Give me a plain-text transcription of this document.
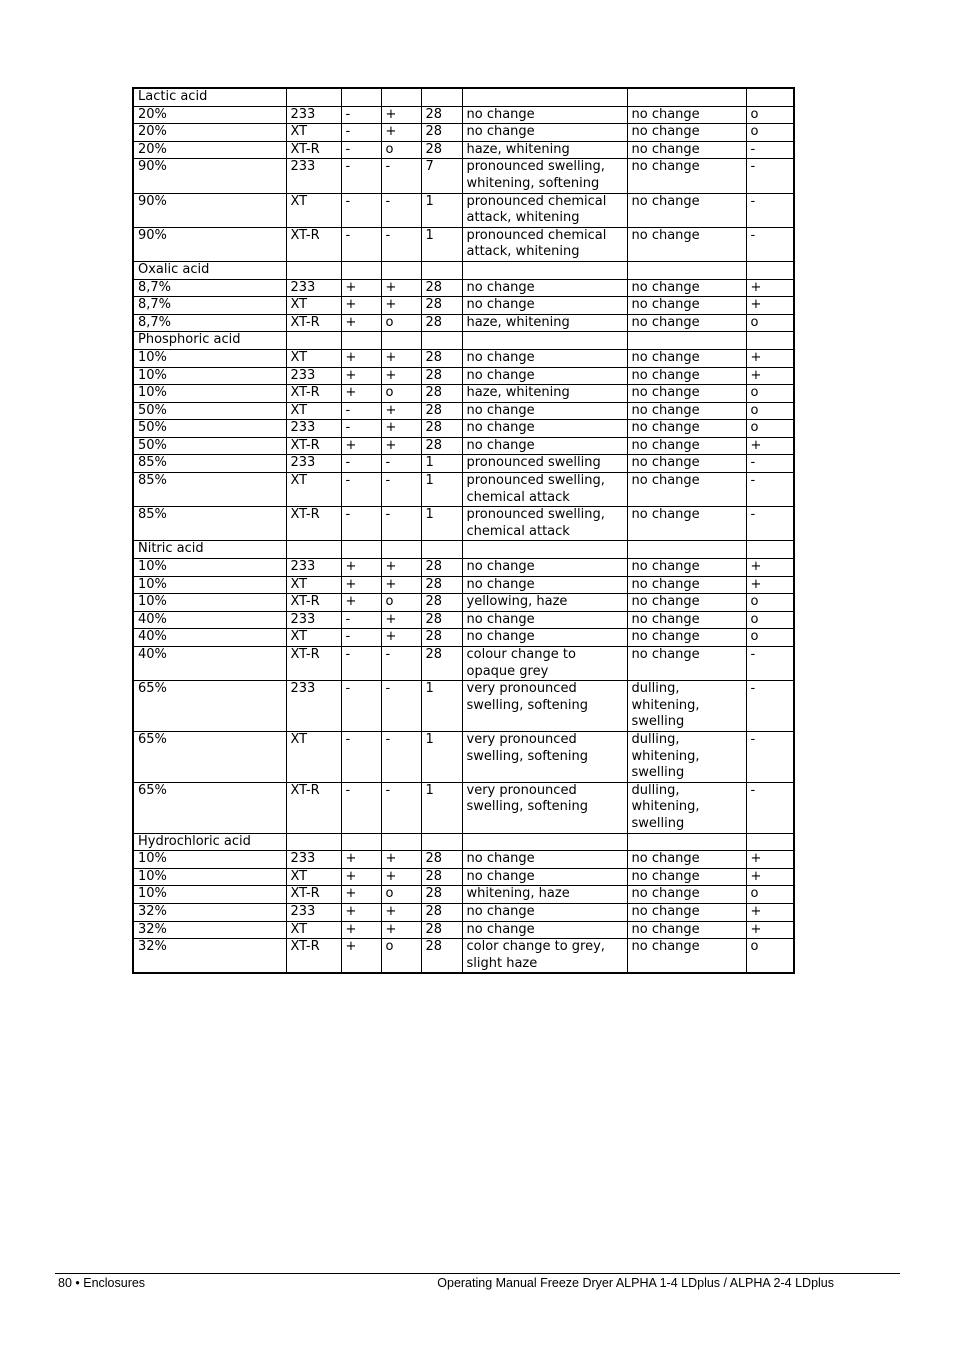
Lactic acid							
20%	233	-	+	28	no change	no change	o
20%	XT	-	+	28	no change	no change	o
20%	XT-R	-	o	28	haze, whitening	no change	-
90%	233	-	-	7	pronounced swelling, whitening, softening	no change	-
90%	XT	-	-	1	pronounced chemical attack, whitening	no change	-
90%	XT-R	-	-	1	pronounced chemical attack, whitening	no change	-
Oxalic acid							
8,7%	233	+	+	28	no change	no change	+
8,7%	XT	+	+	28	no change	no change	+
8,7%	XT-R	+	o	28	haze, whitening	no change	o
Phosphoric acid							
10%	XT	+	+	28	no change	no change	+
10%	233	+	+	28	no change	no change	+
10%	XT-R	+	o	28	haze, whitening	no change	o
50%	XT	-	+	28	no change	no change	o
50%	233	-	+	28	no change	no change	o
50%	XT-R	+	+	28	no change	no change	+
85%	233	-	-	1	pronounced swelling	no change	-
85%	XT	-	-	1	pronounced swelling, chemical attack	no change	-
85%	XT-R	-	-	1	pronounced swelling, chemical attack	no change	-
Nitric acid							
10%	233	+	+	28	no change	no change	+
10%	XT	+	+	28	no change	no change	+
10%	XT-R	+	o	28	yellowing, haze	no change	o
40%	233	-	+	28	no change	no change	o
40%	XT	-	+	28	no change	no change	o
40%	XT-R	-	-	28	colour change to opaque grey	no change	-
65%	233	-	-	1	very pronounced swelling, softening	dulling, whitening, swelling	-
65%	XT	-	-	1	very pronounced swelling, softening	dulling, whitening, swelling	-
65%	XT-R	-	-	1	very pronounced swelling, softening	dulling, whitening, swelling	-
Hydrochloric acid							
10%	233	+	+	28	no change	no change	+
10%	XT	+	+	28	no change	no change	+
10%	XT-R	+	o	28	whitening, haze	no change	o
32%	233	+	+	28	no change	no change	+
32%	XT	+	+	28	no change	no change	+
32%	XT-R	+	o	28	color change to grey, slight haze	no change	o
80 • Enclosures	Operating Manual Freeze Dryer ALPHA 1-4 LDplus / ALPHA 2-4 LDplus
